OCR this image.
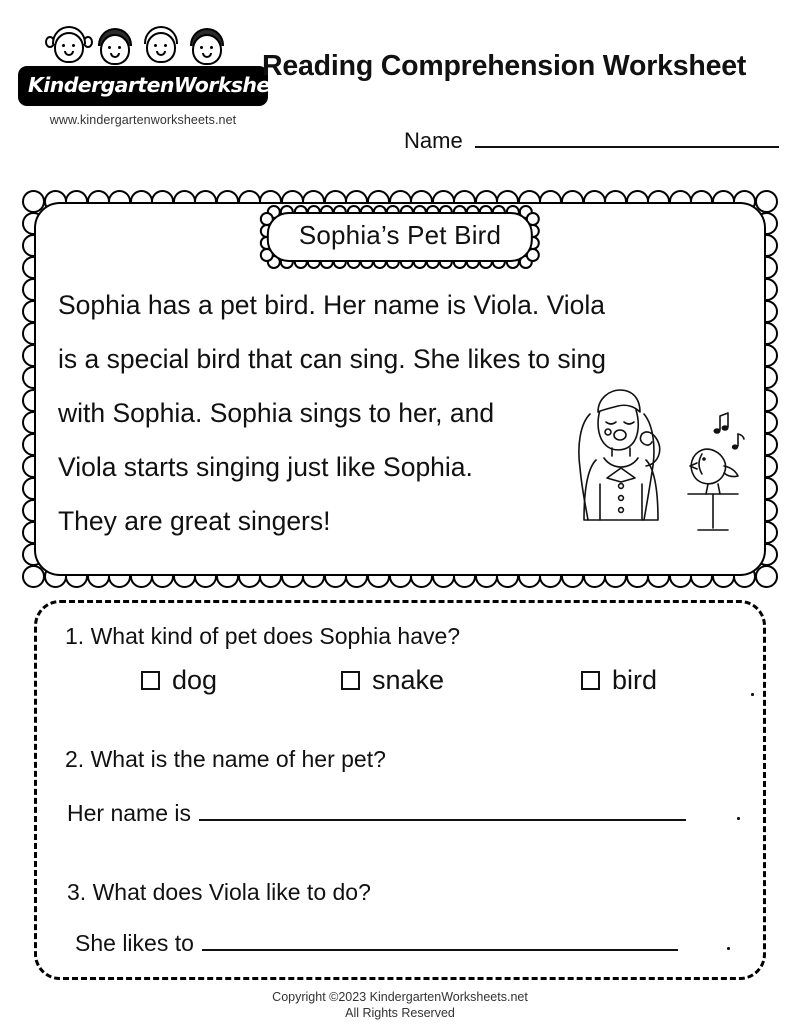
KindergartenWorksheets.net
www.kindergartenworksheets.net
Reading Comprehension Worksheet
Name
Sophia’s Pet Bird
Sophia has a pet bird. Her name is Viola. Viola
is a special bird that can sing. She likes to sing
with Sophia. Sophia sings to her, and
Viola starts singing just like Sophia.
They are great singers!
1. What kind of pet does Sophia have?
dog	snake	bird
2. What is the name of her pet?
Her name is
3. What does Viola like to do?
She likes to
Copyright ©2023 KindergartenWorksheets.net
All Rights Reserved
